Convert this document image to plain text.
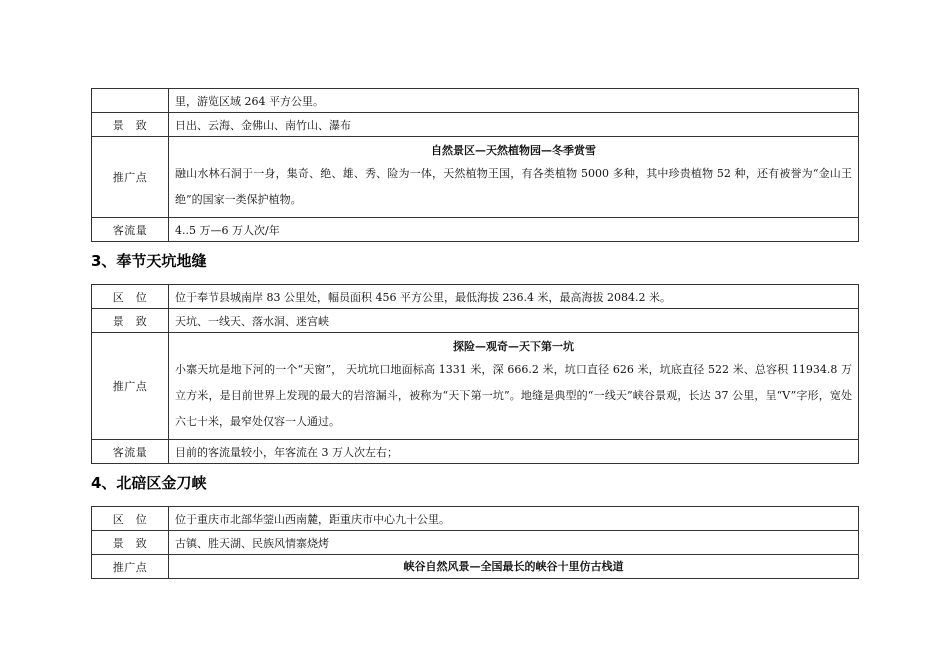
	里，游览区域 264 平方公里。
景　致	日出、云海、金佛山、南竹山、瀑布
推广点	自然景区—天然植物园—冬季赏雪
融山水林石洞于一身，集奇、绝、雄、秀、险为一体，天然植物王国，有各类植物 5000 多种，其中珍贵植物 52 种，还有被誉为“金山王绝”的国家一类保护植物。

客流量	4..5 万—6 万人次/年
3、奉节天坑地缝
区　位	位于奉节县城南岸 83 公里处，幅员面积 456 平方公里，最低海拔 236.4 米，最高海拔 2084.2 米。
景　致	天坑、一线天、落水洞、迷宫峡
推广点	探险—观奇—天下第一坑
小寨天坑是地下河的一个“天窗”， 天坑坑口地面标高 1331 米，深 666.2 米，坑口直径 626 米，坑底直径 522 米、总容积 11934.8 万立方米，是目前世界上发现的最大的岩溶漏斗，被称为“天下第一坑”。地缝是典型的“一线天”峡谷景观，长达 37 公里，呈“V”字形，宽处六七十米，最窄处仅容一人通过。

客流量	目前的客流量较小，年客流在 3 万人次左右；
4、北碚区金刀峡
区　位	位于重庆市北部华蓥山西南麓，距重庆市中心九十公里。
景　致	古镇、胜天湖、民族风情寨烧烤
推广点	峡谷自然风景—全国最长的峡谷十里仿古栈道
